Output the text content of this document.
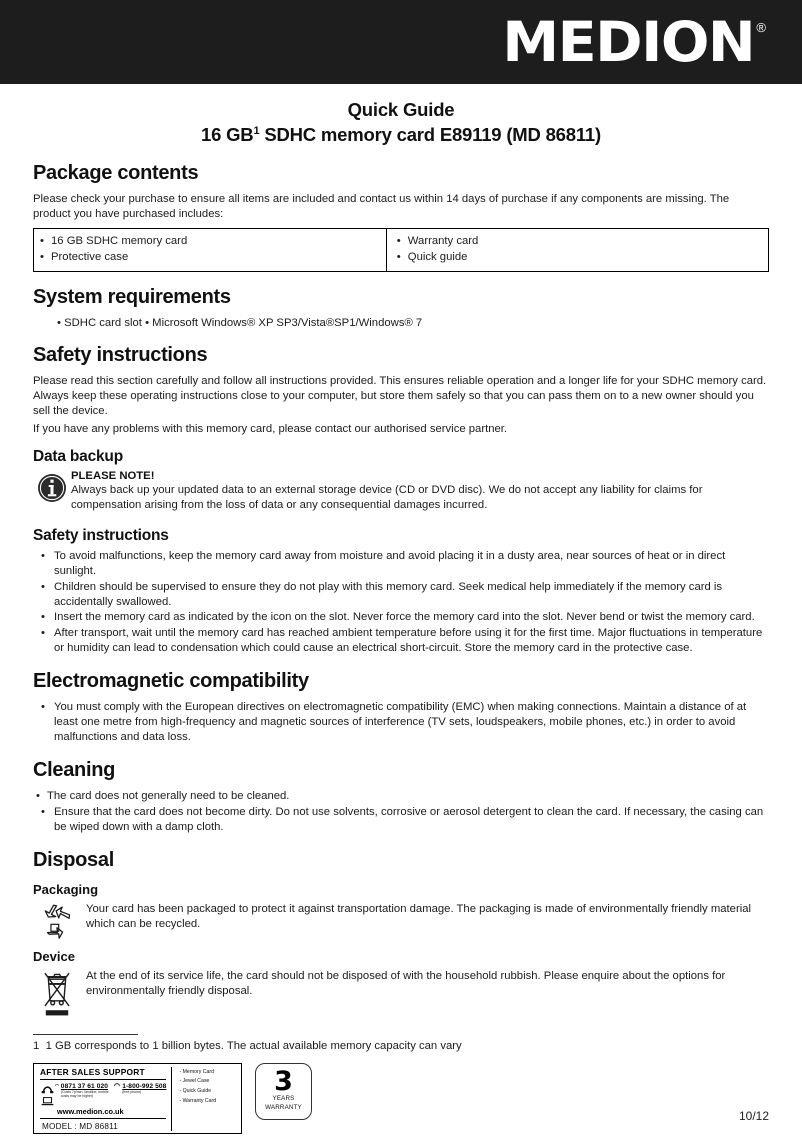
MEDION ®
Quick Guide
16 $GB^1$ SDHC memory card E89119 (MD 86811)
Package contents

Please check your purchase to ensure all items are included and contact us within 14 days of purchase if any components are missing. The product you have purchased includes:

• 16 GB SDHC memory card
• Protective case

• Warranty card
• Quick guide
System requirements
• SDHC card slot • Microsoft Windows® XP SP3/Vista®SP1/Windows® 7
Safety instructions

Please read this section carefully and follow all instructions provided. This ensures reliable operation and a longer life for your SDHC memory card. Always keep these operating instructions close to your computer, but store them safely so that you can pass them on to a new owner should you sell the device.

If you have any problems with this memory card, please contact our authorised service partner.

Data backup
PLEASE NOTE!

Always back up your updated data to an external storage device (CD or DVD disc). We do not accept any liability for claims for compensation arising from the loss of data or any consequential damages incurred.

Safety instructions
• To avoid malfunctions, keep the memory card away from moisture and avoid placing it in a dusty area, near sources of heat or in direct sunlight.
• Children should be supervised to ensure they do not play with this memory card. Seek medical help immediately if the memory card is accidentally swallowed.
• Insert the memory card as indicated by the icon on the slot. Never force the memory card into the slot. Never bend or twist the memory card.
• After transport, wait until the memory card has reached ambient temperature before using it for the first time. Major fluctuations in temperature or humidity can lead to condensation which could cause an electrical short-circuit. Store the memory card in the protective case.
Electromagnetic compatibility
• You must comply with the European directives on electromagnetic compatibility (EMC) when making connections. Maintain a distance of at least one metre from high-frequency and magnetic sources of interference (TV sets, loudspeakers, mobile phones, etc.) in order to avoid malfunctions and data loss.
Cleaning
• The card does not generally need to be cleaned.
• Ensure that the card does not become dirty. Do not use solvents, corrosive or aerosol detergent to clean the card. If necessary, the casing can be wiped down with a damp cloth.
Disposal
Packaging

Your card has been packaged to protect it against transportation damage. The packaging is made of environmentally friendly material which can be recycled.

Device

At the end of its service life, the card should not be disposed of with the household rubbish. Please enquire about the options for environmentally friendly disposal.

1 1 GB corresponds to 1 billion bytes. The actual available memory capacity can vary
AFTER SALES SUPPORT
0871 37 61 020
(Costs 7p/min. landline, mobile costs may be higher)
1-800-992 508
(free phone)
www.medion.co.uk
MODEL : MD 86811
- Memory Card
- Jewel Case
- Quick Guide
- Warranty Card
3
YEARS
WARRANTY
10/12
